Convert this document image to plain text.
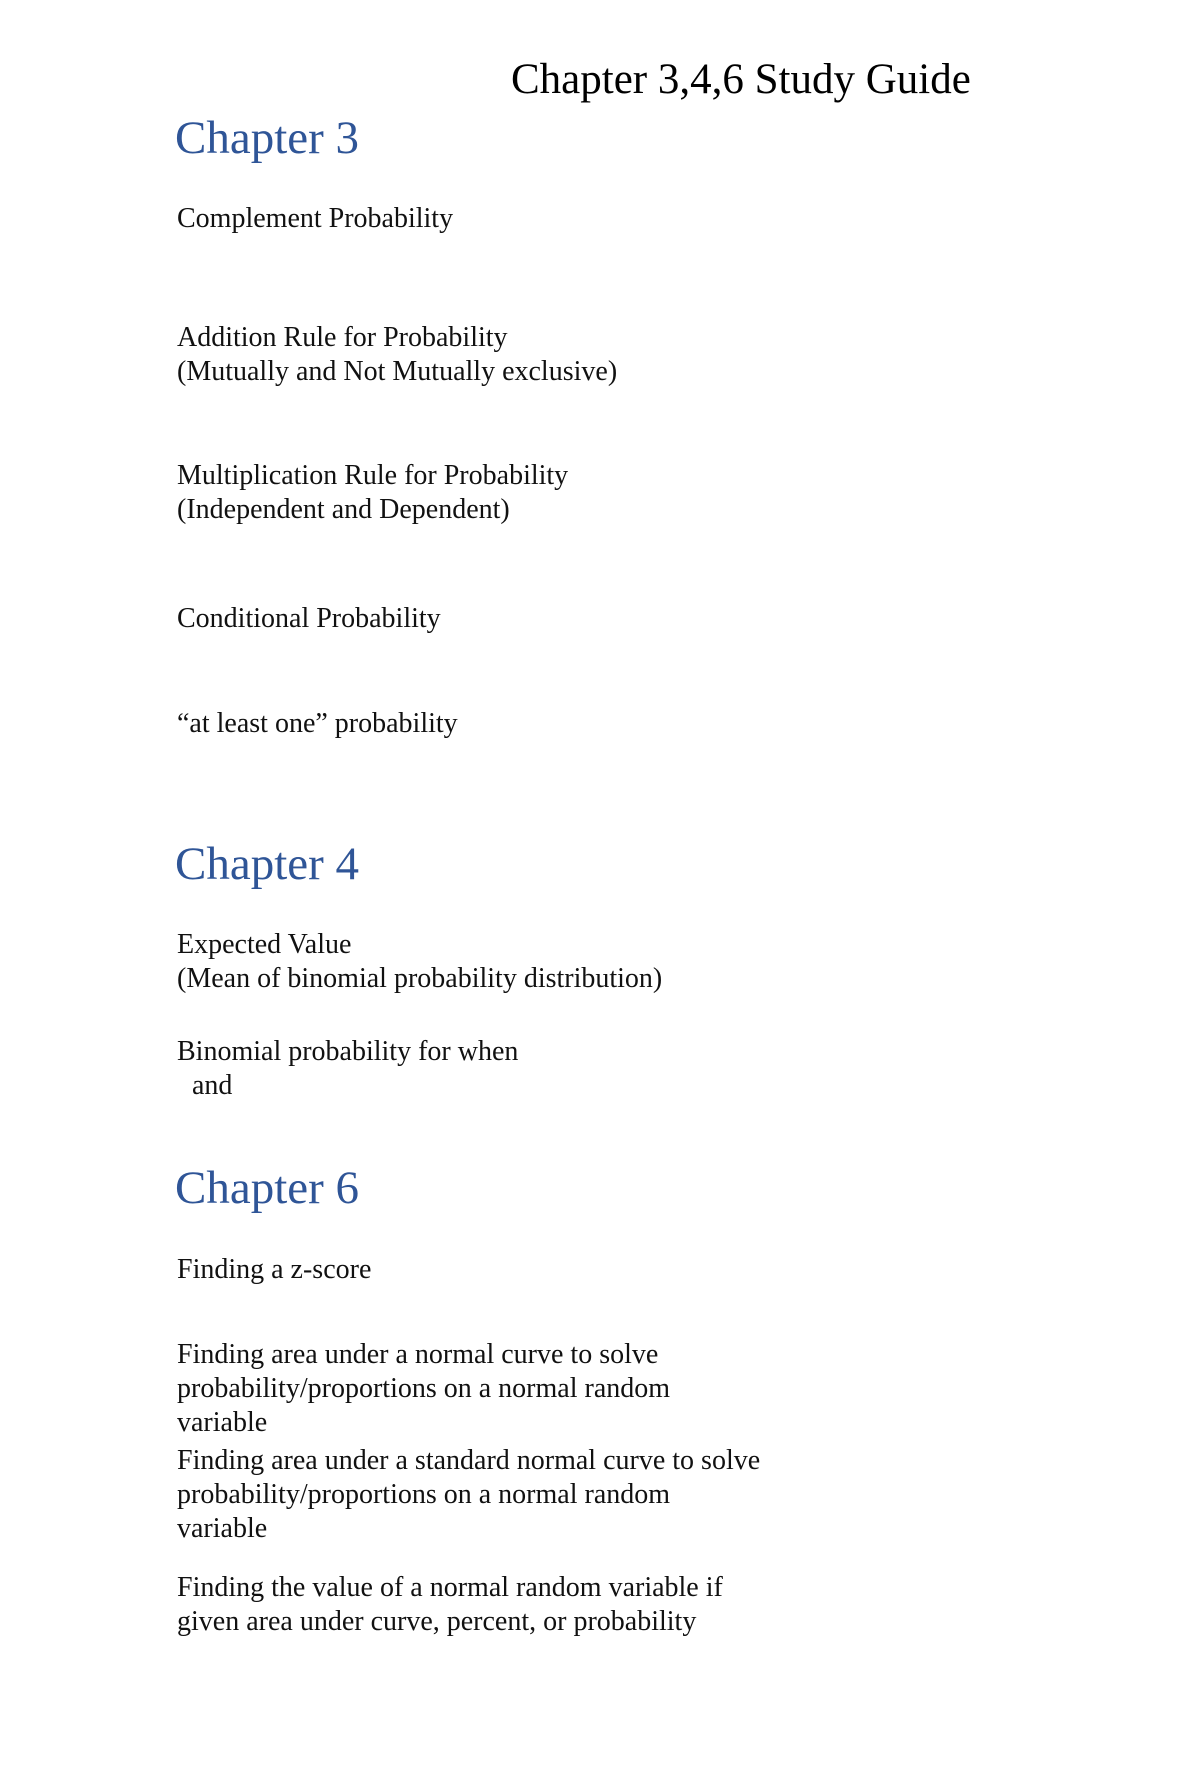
Chapter 3,4,6 Study Guide
Chapter 3
Complement Probability
Addition Rule for Probability
(Mutually and Not Mutually exclusive)
Multiplication Rule for Probability
(Independent and Dependent)
Conditional Probability
“at least one” probability
Chapter 4
Expected Value
(Mean of binomial probability distribution)
Binomial probability for when
and
Chapter 6
Finding a z-score
Finding area under a normal curve to solve
probability/proportions on a normal random
variable
Finding area under a standard normal curve to solve
probability/proportions on a normal random
variable
Finding the value of a normal random variable if
given area under curve, percent, or probability
